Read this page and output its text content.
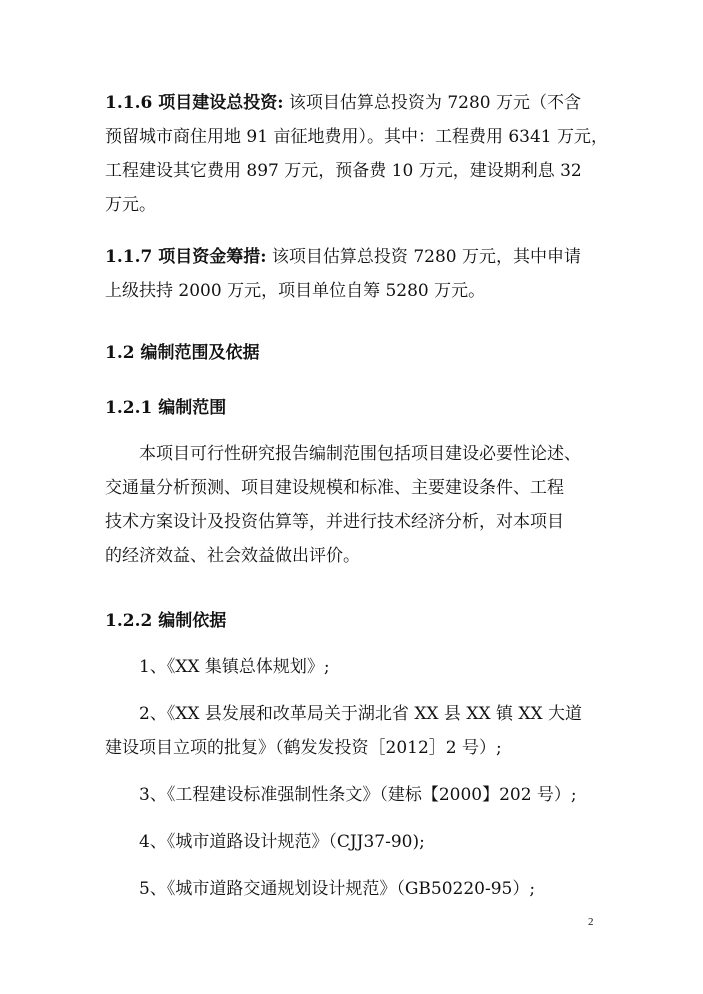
1.1.6 项目建设总投资: 该项目估算总投资为 7280 万元（不含
预留城市商住用地 91 亩征地费用）。其中：工程费用 6341 万元，
工程建设其它费用 897 万元，预备费 10 万元，建设期利息 32
万元。
1.1.7 项目资金筹措: 该项目估算总投资 7280 万元，其中申请
上级扶持 2000 万元，项目单位自筹 5280 万元。
1.2 编制范围及依据
1.2.1 编制范围
　　本项目可行性研究报告编制范围包括项目建设必要性论述、
交通量分析预测、项目建设规模和标准、主要建设条件、工程
技术方案设计及投资估算等，并进行技术经济分析，对本项目
的经济效益、社会效益做出评价。
1.2.2 编制依据
　　1、《XX 集镇总体规划》;
　　2、《XX 县发展和改革局关于湖北省 XX 县 XX 镇 XX 大道
建设项目立项的批复》（鹤发发投资［2012］2 号）;
　　3、《工程建设标准强制性条文》（建标【2000】202 号）;
　　4、《城市道路设计规范》（CJJ37-90);
　　5、《城市道路交通规划设计规范》（GB50220-95）;
2
